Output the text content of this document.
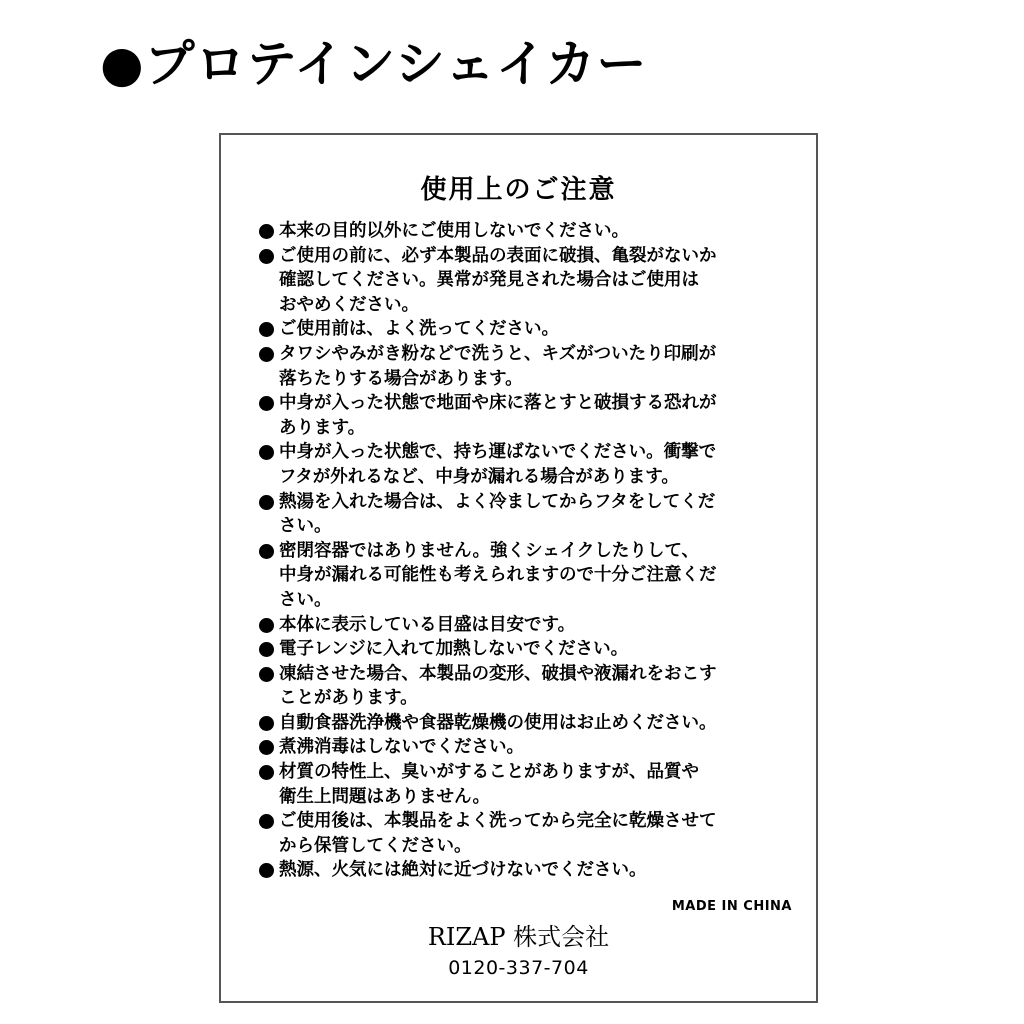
●プロテインシェイカー
使用上のご注意
本来の目的以外にご使用しないでください。
ご使用の前に、必ず本製品の表面に破損、亀裂がないか
確認してください。異常が発見された場合はご使用は
おやめください。
ご使用前は、よく洗ってください。
タワシやみがき粉などで洗うと、キズがついたり印刷が
落ちたりする場合があります。
中身が入った状態で地面や床に落とすと破損する恐れが
あります。
中身が入った状態で、持ち運ばないでください。衝撃で
フタが外れるなど、中身が漏れる場合があります。
熱湯を入れた場合は、よく冷ましてからフタをしてくだ
さい。
密閉容器ではありません。強くシェイクしたりして、
中身が漏れる可能性も考えられますので十分ご注意くだ
さい。
本体に表示している目盛は目安です。
電子レンジに入れて加熱しないでください。
凍結させた場合、本製品の変形、破損や液漏れをおこす
ことがあります。
自動食器洗浄機や食器乾燥機の使用はお止めください。
煮沸消毒はしないでください。
材質の特性上、臭いがすることがありますが、品質や
衛生上問題はありません。
ご使用後は、本製品をよく洗ってから完全に乾燥させて
から保管してください。
熱源、火気には絶対に近づけないでください。
MADE IN CHINA
RIZAP 株式会社
0120-337-704
